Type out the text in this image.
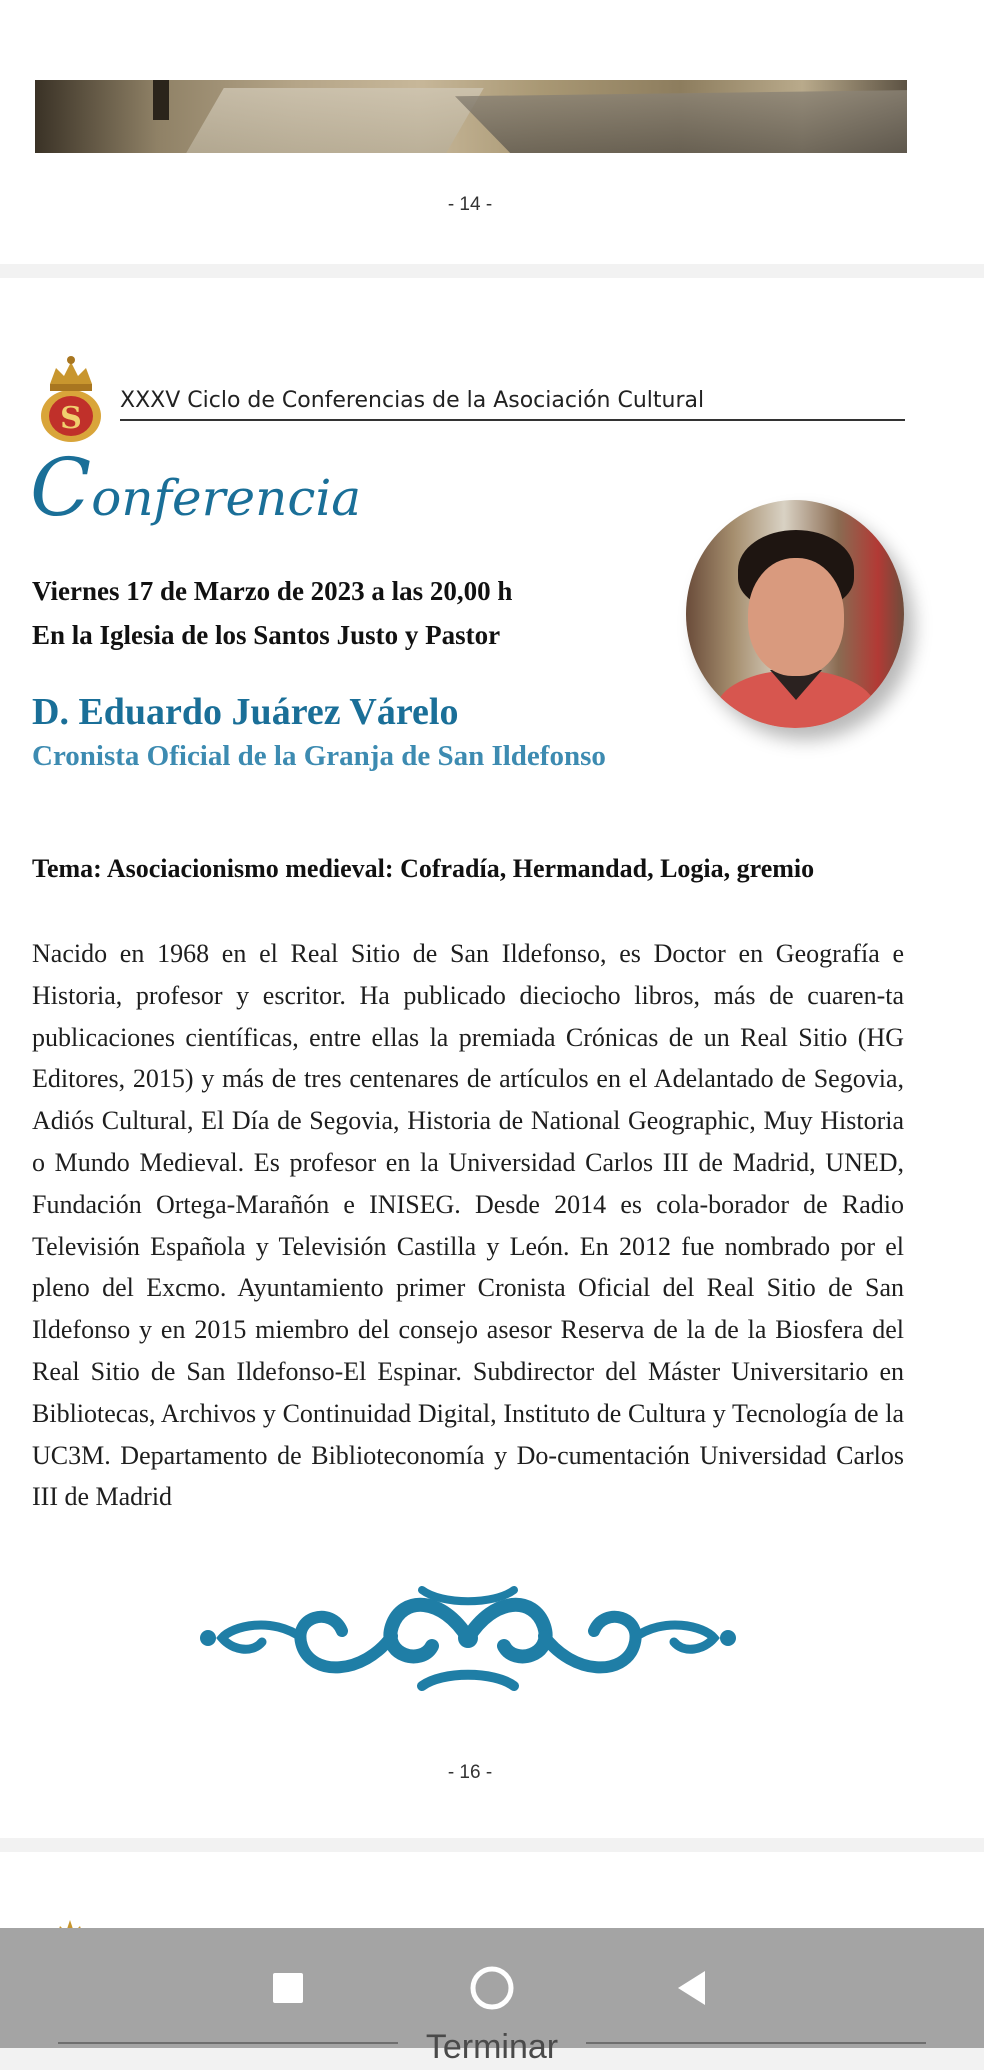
- 14 -
S
XXXV Ciclo de Conferencias de la Asociación Cultural
Conferencia
Viernes 17 de Marzo de 2023 a las 20,00 h
En la Iglesia de los Santos Justo y Pastor
D. Eduardo Juárez Várelo
Cronista Oficial de la Granja de San Ildefonso
Tema: Asociacionismo medieval: Cofradía, Hermandad, Logia, gremio

Nacido en 1968 en el Real Sitio de San Ildefonso, es Doctor en Geografía e Historia, profesor y escritor. Ha publicado dieciocho libros, más de cuaren-ta publicaciones científicas, entre ellas la premiada Crónicas de un Real Sitio (HG Editores, 2015) y más de tres centenares de artículos en el Adelantado de Segovia, Adiós Cultural, El Día de Segovia, Historia de National Geographic, Muy Historia o Mundo Medieval. Es profesor en la Universidad Carlos III de Madrid, UNED, Fundación Ortega-Marañón e INISEG. Desde 2014 es cola-borador de Radio Televisión Española y Televisión Castilla y León. En 2012 fue nombrado por el pleno del Excmo. Ayuntamiento primer Cronista Oficial del Real Sitio de San Ildefonso y en 2015 miembro del consejo asesor Reserva de la de la Biosfera del Real Sitio de San Ildefonso-El Espinar. Subdirector del Máster Universitario en Bibliotecas, Archivos y Continuidad Digital, Instituto de Cultura y Tecnología de la UC3M. Departamento de Biblioteconomía y Do-cumentación Universidad Carlos III de Madrid

- 16 -
Terminar
